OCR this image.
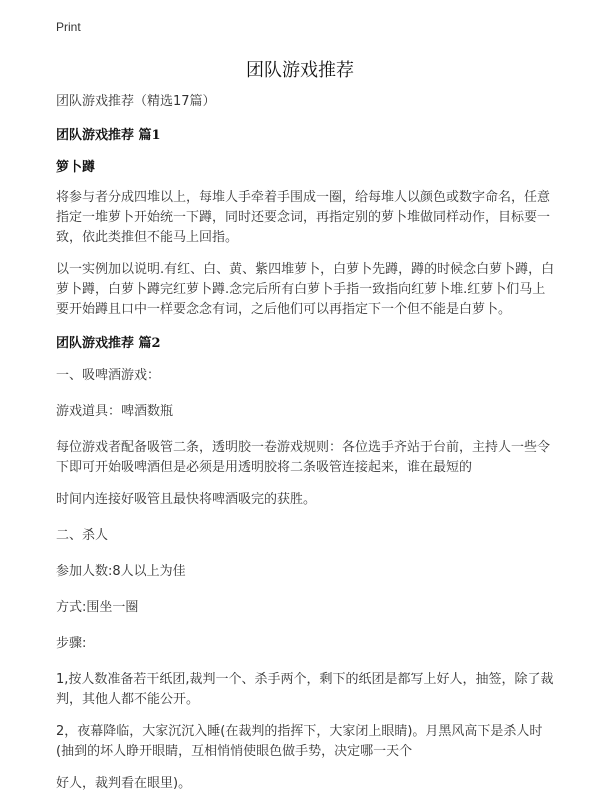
Print
团队游戏推荐

团队游戏推荐（精选17篇）

团队游戏推荐 篇1

箩卜蹲

将参与者分成四堆以上，每堆人手牵着手围成一圈，给每堆人以颜色或数字命名，任意指定一堆萝卜开始统一下蹲，同时还要念词，再指定别的萝卜堆做同样动作，目标要一致，依此类推但不能马上回指。

以一实例加以说明.有红、白、黄、紫四堆萝卜，白萝卜先蹲，蹲的时候念白萝卜蹲，白萝卜蹲，白萝卜蹲完红萝卜蹲.念完后所有白萝卜手指一致指向红萝卜堆.红萝卜们马上要开始蹲且口中一样要念念有词，之后他们可以再指定下一个但不能是白萝卜。

团队游戏推荐 篇2

一、吸啤酒游戏：

游戏道具：啤酒数瓶

每位游戏者配备吸管二条，透明胶一卷游戏规则：各位选手齐站于台前，主持人一些令下即可开始吸啤酒但是必须是用透明胶将二条吸管连接起来，谁在最短的

时间内连接好吸管且最快将啤酒吸完的获胜。

二、杀人

参加人数:8人以上为佳

方式:围坐一圈

步骤:

1,按人数准备若干纸团,裁判一个、杀手两个，剩下的纸团是都写上好人，抽签，除了裁判，其他人都不能公开。

2，夜幕降临，大家沉沉入睡(在裁判的指挥下，大家闭上眼睛)。月黑风高下是杀人时(抽到的坏人睁开眼睛，互相悄悄使眼色做手势，决定哪一天个

好人，裁判看在眼里)。
